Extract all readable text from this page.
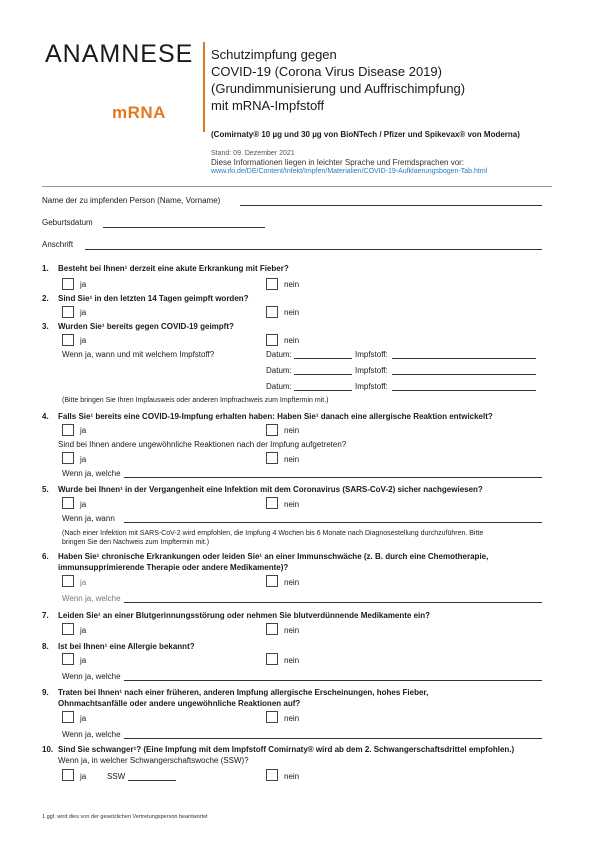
ANAMNESE
mRNA
Schutzimpfung gegen
COVID-19 (Corona Virus Disease 2019)
(Grundimmunisierung und Auffrischimpfung)
mit mRNA-Impfstoff
(Comirnaty® 10 µg und 30 µg von BioNTech / Pfizer und Spikevax® von Moderna)
Stand: 09. Dezember 2021
Diese Informationen liegen in leichter Sprache und Fremdsprachen vor:
www.rki.de/DE/Content/Infekt/Impfen/Materialien/COVID-19-Aufklaerungsbogen-Tab.html
Name der zu impfenden Person (Name, Vorname)
Geburtsdatum
Anschrift
1. Besteht bei Ihnen¹ derzeit eine akute Erkrankung mit Fieber?
ja	nein
2. Sind Sie¹ in den letzten 14 Tagen geimpft worden?
ja	nein
3. Wurden Sie¹ bereits gegen COVID-19 geimpft?
ja	nein
Wenn ja, wann und mit welchem Impfstoff?	Datum:	Impfstoff:
Datum:	Impfstoff:
Datum:	Impfstoff:
(Bitte bringen Sie Ihren Impfausweis oder anderen Impfnachweis zum Impftermin mit.)
4. Falls Sie¹ bereits eine COVID-19-Impfung erhalten haben: Haben Sie¹ danach eine allergische Reaktion entwickelt?
ja	nein
Sind bei Ihnen andere ungewöhnliche Reaktionen nach der Impfung aufgetreten?
ja	nein
Wenn ja, welche
5. Wurde bei Ihnen¹ in der Vergangenheit eine Infektion mit dem Coronavirus (SARS-CoV-2) sicher nachgewiesen?
ja	nein
Wenn ja, wann
(Nach einer Infektion mit SARS-CoV-2 wird empfohlen, die Impfung 4 Wochen bis 6 Monate nach Diagnosestellung durchzuführen. Bitte
bringen Sie den Nachweis zum Impftermin mit.)
6. Haben Sie¹ chronische Erkrankungen oder leiden Sie¹ an einer Immunschwäche (z. B. durch eine Chemotherapie,
immunsupprimierende Therapie oder andere Medikamente)?
ja	nein
Wenn ja, welche
7. Leiden Sie¹ an einer Blutgerinnungsstörung oder nehmen Sie blutverdünnende Medikamente ein?
ja	nein
8. Ist bei Ihnen¹ eine Allergie bekannt?
ja	nein
Wenn ja, welche
9. Traten bei Ihnen¹ nach einer früheren, anderen Impfung allergische Erscheinungen, hohes Fieber,
Ohnmachtsanfälle oder andere ungewöhnliche Reaktionen auf?
ja	nein
Wenn ja, welche
10. Sind Sie schwanger¹? (Eine Impfung mit dem Impfstoff Comirnaty® wird ab dem 2. Schwangerschaftsdrittel empfohlen.)
Wenn ja, in welcher Schwangerschaftswoche (SSW)?
ja	SSW	nein
1 ggf. wird dies von der gesetzlichen Vertretungsperson beantwortet
